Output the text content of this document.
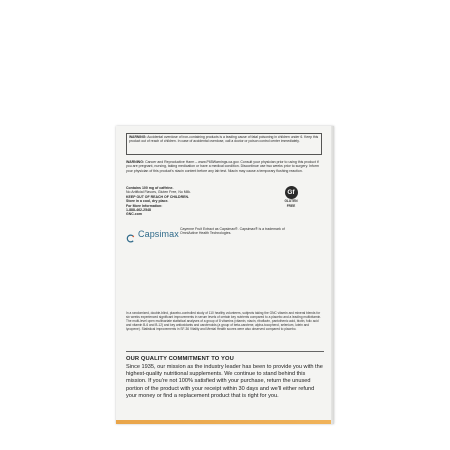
WARNING: Accidental overdose of iron-containing products is a leading cause of fatal poisoning in children under 6. Keep this product out of reach of children. In case of accidental overdose, call a doctor or poison control center immediately.
WARNING: Cancer and Reproductive Harm – www.P65Warnings.ca.gov. Consult your physician prior to using this product if you are pregnant, nursing, taking medication or have a medical condition. Discontinue use two weeks prior to surgery. Inform your physician of this product's niacin content before any lab test. Niacin may cause a temporary flushing reaction.
Contains 100 mg of caffeine.
No Artificial Flavors, Gluten Free, No Milk.
KEEP OUT OF REACH OF CHILDREN.
Store in a cool, dry place.
For More Information:
1-888-462-2548
GNC.com
Gf
GLUTEN
FREE
Capsimax Cayenne Fruit Extract as Capsimax®. Capsimax® is a trademark of OmniActive Health Technologies.
In a randomized, double-blind, placebo-controlled study of 110 healthy volunteers, subjects taking the GNC vitamin and mineral blends for six weeks experienced significant improvements in serum levels of certain key nutrients compared to a placebo and a leading multivitamin. The multi-level open multivariate statistical analyses of a group of 8 vitamins (vitamin, niacin, riboflavin, pantothenic acid, biotin, folic acid and vitamin B-6 and B-12) and key antioxidants and carotenoids (a group of beta-carotene, alpha-tocopherol, selenium, lutein and lycopene). Statistical improvements in SF-36 Vitality and Mental Health scores were also observed compared to placebo.
OUR QUALITY COMMITMENT TO YOU
Since 1935, our mission as the industry leader has been to provide you with the highest-quality nutritional supplements. We continue to stand behind this mission. If you're not 100% satisfied with your purchase, return the unused portion of the product with your receipt within 30 days and we'll either refund your money or find a replacement product that is right for you.
